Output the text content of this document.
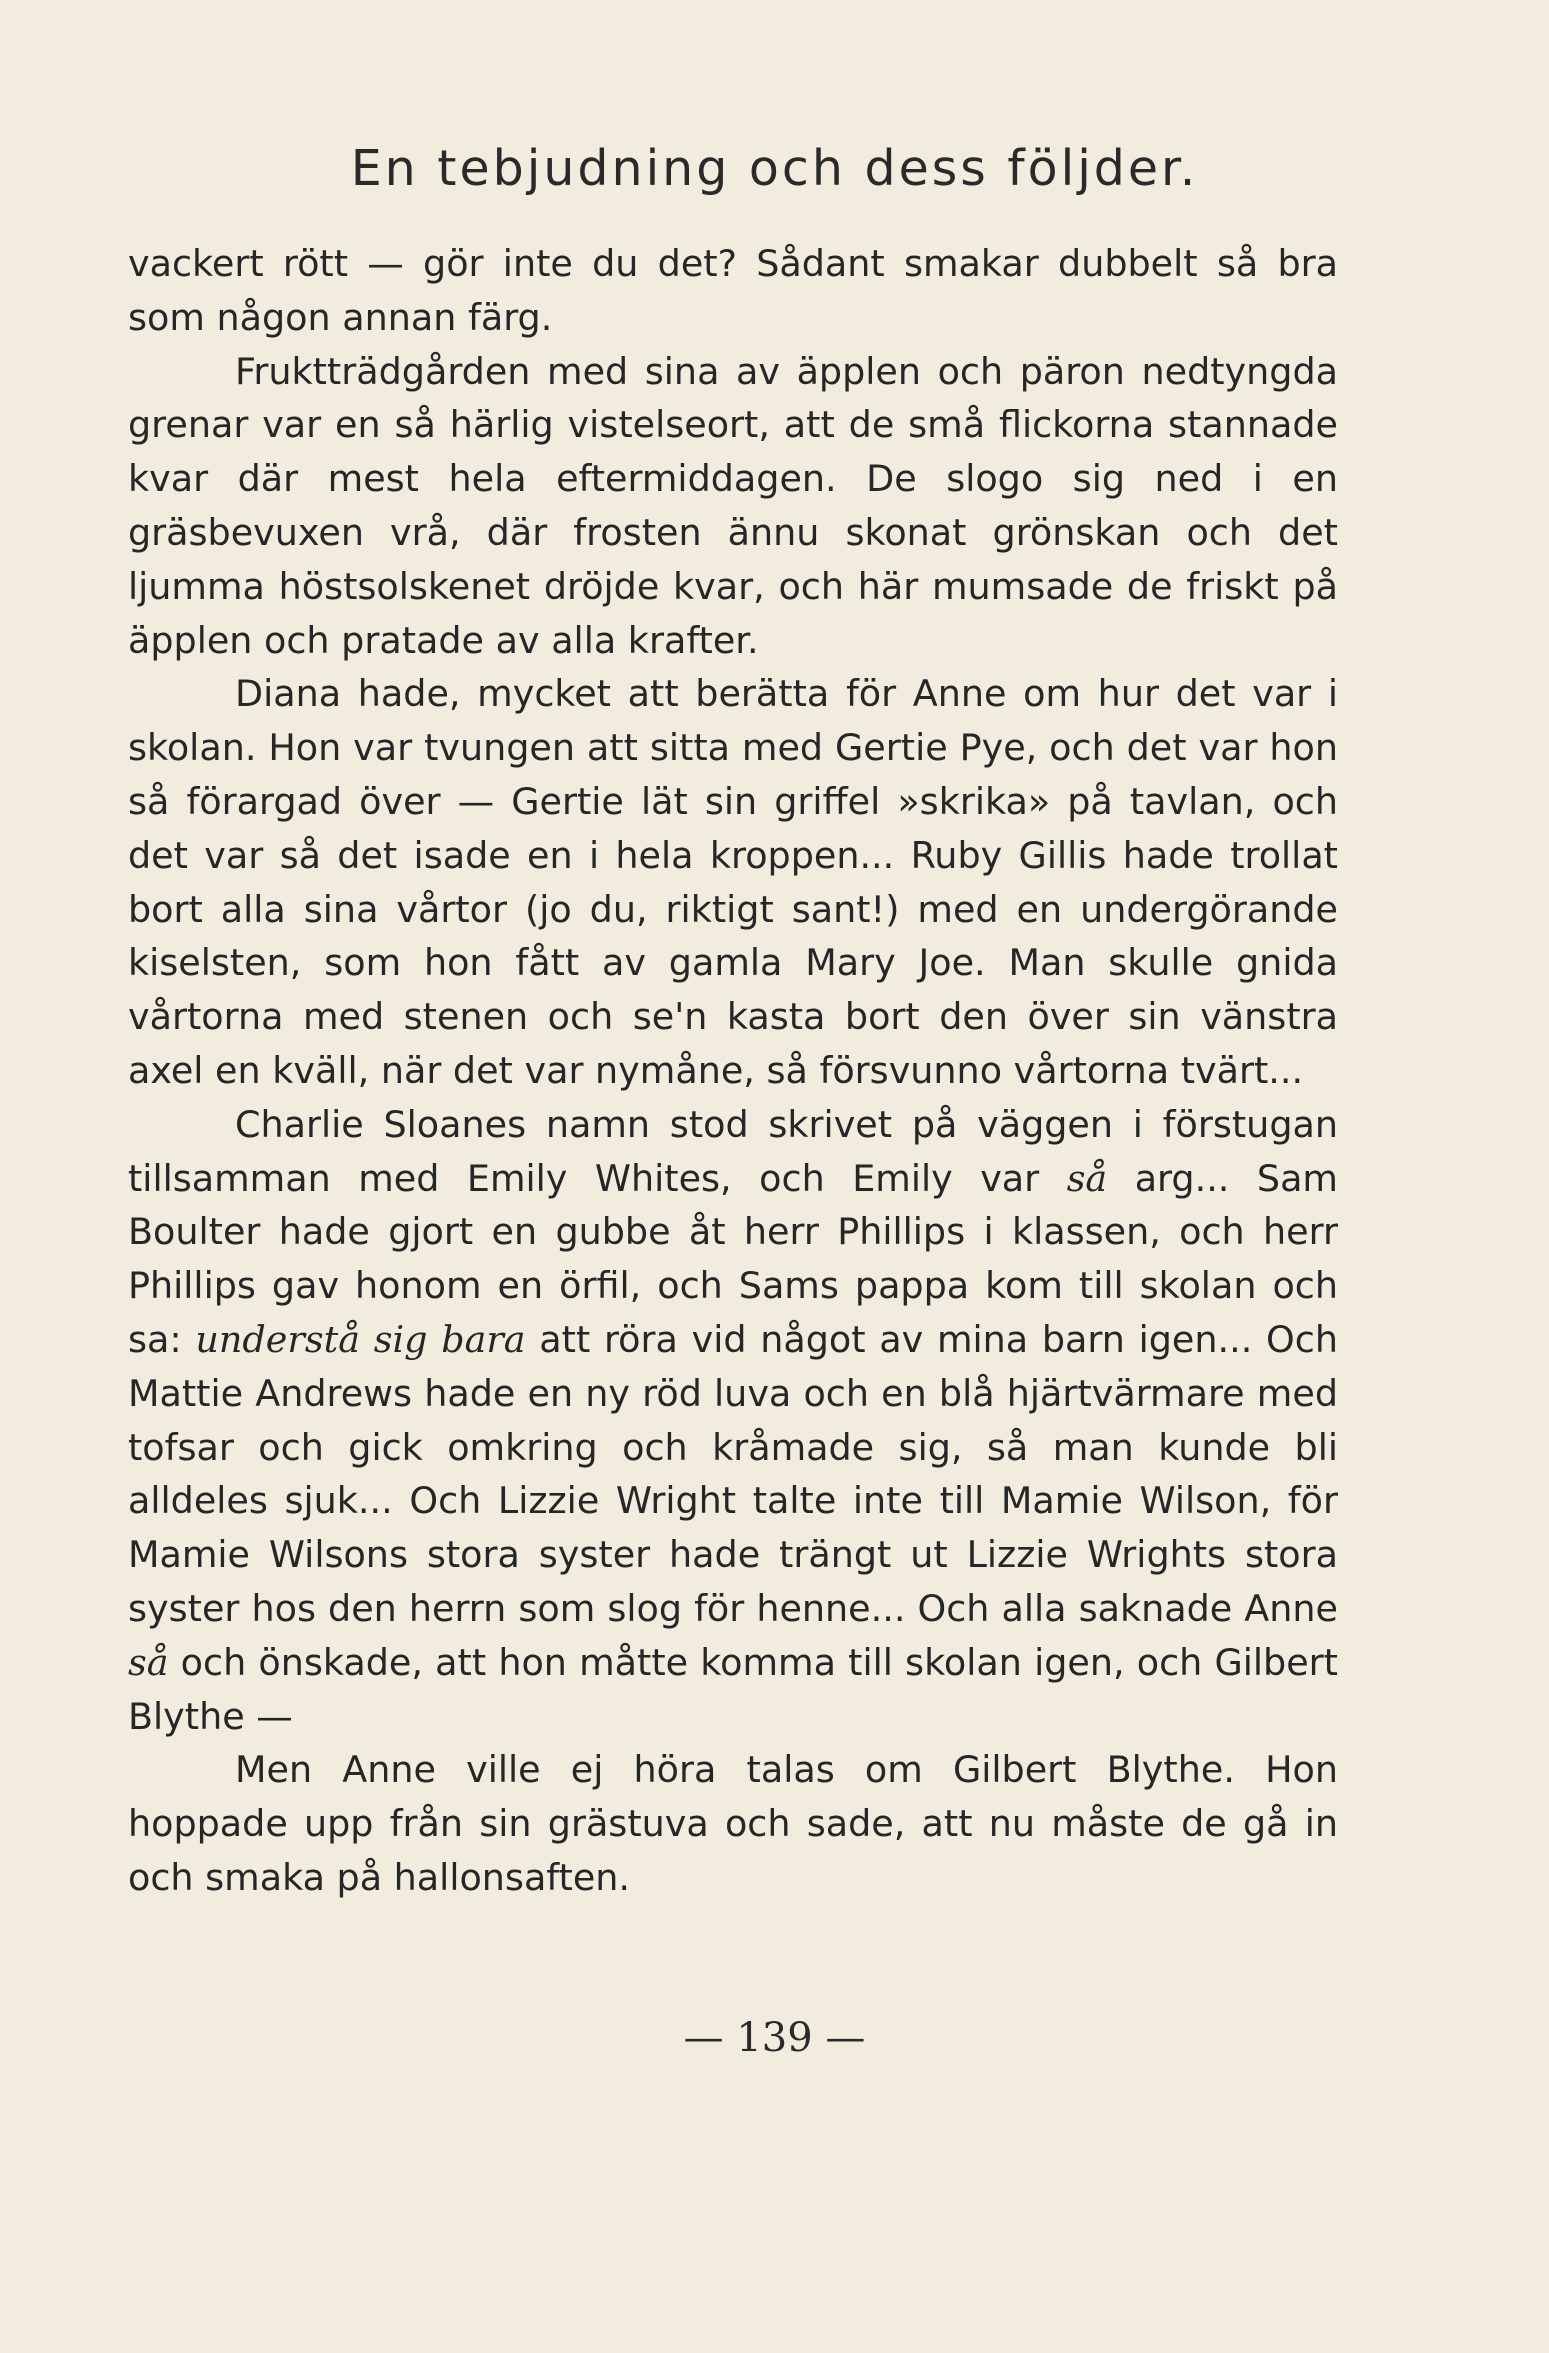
En tebjudning och dess följder.

vackert rött — gör inte du det? Sådant smakar dubbelt så bra som någon annan färg.

Fruktträdgården med sina av äpplen och päron nedtyngda grenar var en så härlig vistelseort, att de små flickorna stannade kvar där mest hela eftermiddagen. De slogo sig ned i en gräsbevuxen vrå, där frosten ännu skonat grönskan och det ljumma höstsolskenet dröjde kvar, och här mumsade de friskt på äpplen och pratade av alla krafter.

Diana hade, mycket att berätta för Anne om hur det var i skolan. Hon var tvungen att sitta med Gertie Pye, och det var hon så förargad över — Gertie lät sin griffel »skrika» på tavlan, och det var så det isade en i hela kroppen... Ruby Gillis hade trollat bort alla sina vårtor (jo du, riktigt sant!) med en undergörande kiselsten, som hon fått av gamla Mary Joe. Man skulle gnida vårtorna med stenen och se'n kasta bort den över sin vänstra axel en kväll, när det var nymåne, så försvunno vårtorna tvärt...

Charlie Sloanes namn stod skrivet på väggen i förstugan tillsamman med Emily Whites, och Emily var så arg... Sam Boulter hade gjort en gubbe åt herr Phillips i klassen, och herr Phillips gav honom en örfil, och Sams pappa kom till skolan och sa: understå sig bara att röra vid något av mina barn igen... Och Mattie Andrews hade en ny röd luva och en blå hjärtvärmare med tofsar och gick omkring och kråmade sig, så man kunde bli alldeles sjuk... Och Lizzie Wright talte inte till Mamie Wilson, för Mamie Wilsons stora syster hade trängt ut Lizzie Wrights stora syster hos den herrn som slog för henne... Och alla saknade Anne så och önskade, att hon måtte komma till skolan igen, och Gilbert Blythe —

Men Anne ville ej höra talas om Gilbert Blythe. Hon hoppade upp från sin grästuva och sade, att nu måste de gå in och smaka på hallonsaften.

— 139 —
